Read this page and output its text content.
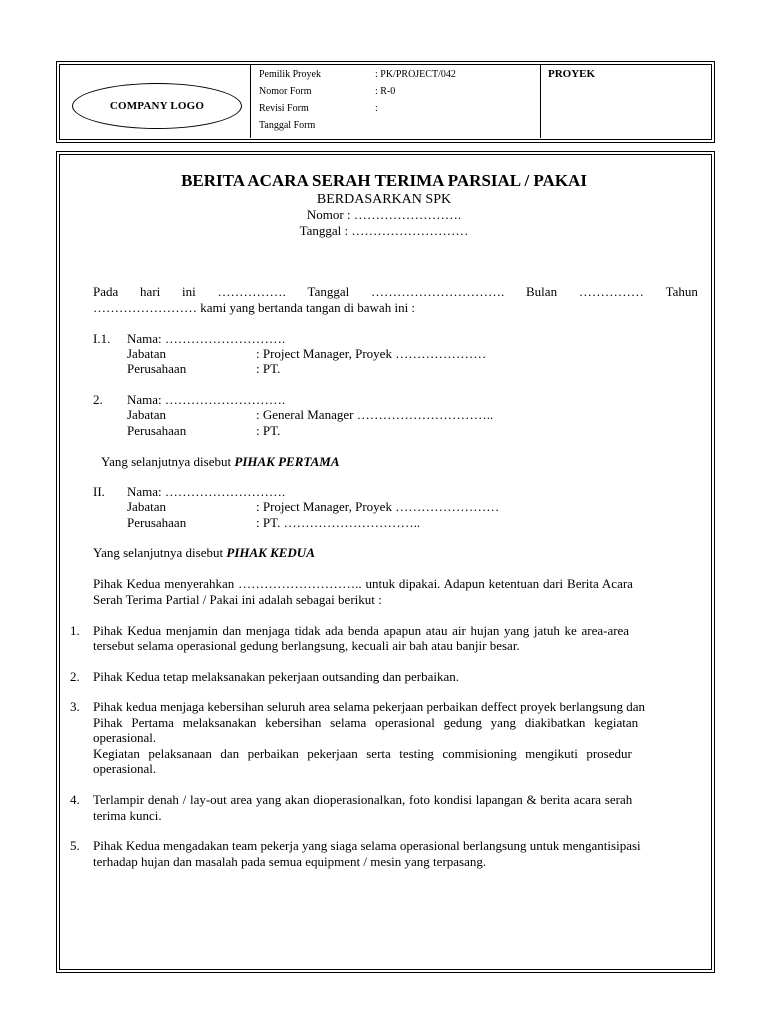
COMPANY LOGO
Pemilik Proyek	: PK/PROJECT/042
Nomor Form	: R-0
Revisi Form	:
Tanggal Form
PROYEK
BERITA ACARA SERAH TERIMA PARSIAL / PAKAI
BERDASARKAN SPK
Nomor : …………………….
Tanggal : ………………………
Pada hari ini ……………. Tanggal …………………………. Bulan …………… Tahun
…………………… kami yang bertanda tangan di bawah ini :
I.1. Nama: ……………………….
Jabatan	: Project Manager, Proyek …………………
Perusahaan	: PT.
2. Nama: ……………………….
Jabatan	: General Manager …………………………..
Perusahaan	: PT.
Yang selanjutnya disebut PIHAK PERTAMA
II. Nama: ……………………….
Jabatan	: Project Manager, Proyek ……………………
Perusahaan	: PT. …………………………..
Yang selanjutnya disebut PIHAK KEDUA
Pihak Kedua menyerahkan ……………………….. untuk dipakai. Adapun ketentuan dari Berita Acara
Serah Terima Partial / Pakai ini adalah sebagai berikut :
1. Pihak Kedua menjamin dan menjaga tidak ada benda apapun atau air hujan yang jatuh ke area-area
tersebut selama operasional gedung berlangsung, kecuali air bah atau banjir besar.
2. Pihak Kedua tetap melaksanakan pekerjaan outsanding dan perbaikan.
3. Pihak kedua menjaga kebersihan seluruh area selama pekerjaan perbaikan deffect proyek berlangsung dan
Pihak Pertama melaksanakan kebersihan selama operasional gedung yang diakibatkan kegiatan
operasional.
Kegiatan pelaksanaan dan perbaikan pekerjaan serta testing commisioning mengikuti prosedur
operasional.
4. Terlampir denah / lay-out area yang akan dioperasionalkan, foto kondisi lapangan & berita acara serah
terima kunci.
5. Pihak Kedua mengadakan team pekerja yang siaga selama operasional berlangsung untuk mengantisipasi
terhadap hujan dan masalah pada semua equipment / mesin yang terpasang.
